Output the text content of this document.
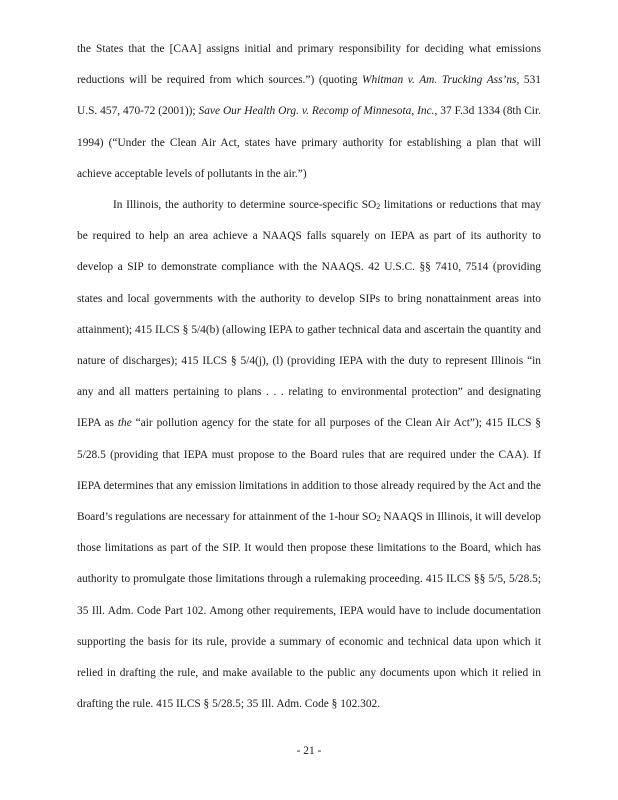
the States that the [CAA] assigns initial and primary responsibility for deciding what emissions reductions will be required from which sources.”) (quoting Whitman v. Am. Trucking Ass’ns, 531 U.S. 457, 470-72 (2001)); Save Our Health Org. v. Recomp of Minnesota, Inc., 37 F.3d 1334 (8th Cir. 1994) (“Under the Clean Air Act, states have primary authority for establishing a plan that will achieve acceptable levels of pollutants in the air.”)

In Illinois, the authority to determine source-specific $SO_2$ limitations or reductions that may be required to help an area achieve a NAAQS falls squarely on IEPA as part of its authority to develop a SIP to demonstrate compliance with the NAAQS. 42 U.S.C. §§ 7410, 7514 (providing states and local governments with the authority to develop SIPs to bring nonattainment areas into attainment); 415 ILCS § 5/4(b) (allowing IEPA to gather technical data and ascertain the quantity and nature of discharges); 415 ILCS § 5/4(j), (l) (providing IEPA with the duty to represent Illinois “in any and all matters pertaining to plans . . . relating to environmental protection” and designating IEPA as the “air pollution agency for the state for all purposes of the Clean Air Act”); 415 ILCS § 5/28.5 (providing that IEPA must propose to the Board rules that are required under the CAA). If IEPA determines that any emission limitations in addition to those already required by the Act and the Board’s regulations are necessary for attainment of the 1-hour $SO_2$ NAAQS in Illinois, it will develop those limitations as part of the SIP. It would then propose these limitations to the Board, which has authority to promulgate those limitations through a rulemaking proceeding. 415 ILCS §§ 5/5, 5/28.5; 35 Ill. Adm. Code Part 102. Among other requirements, IEPA would have to include documentation supporting the basis for its rule, provide a summary of economic and technical data upon which it relied in drafting the rule, and make available to the public any documents upon which it relied in drafting the rule. 415 ILCS § 5/28.5; 35 Ill. Adm. Code § 102.302.

- 21 -
